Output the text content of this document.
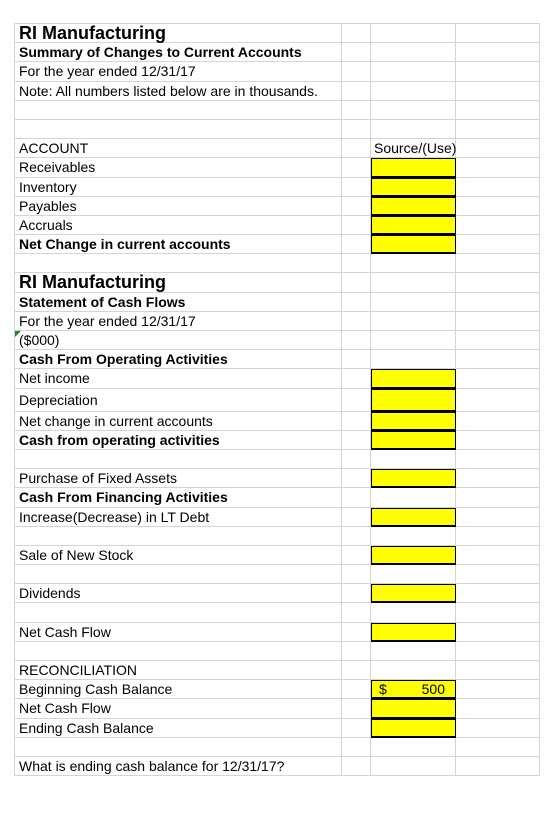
RI Manufacturing
Summary of Changes to Current Accounts
For the year ended 12/31/17
Note: All numbers listed below are in thousands.
ACCOUNT	Source/(Use)
Receivables
Inventory
Payables
Accruals
Net Change in current accounts
RI Manufacturing
Statement of Cash Flows
For the year ended 12/31/17
($000)
Cash From Operating Activities
Net income
Depreciation
Net change in current accounts
Cash from operating activities
Purchase of Fixed Assets
Cash From Financing Activities
Increase(Decrease) in LT Debt
Sale of New Stock
Dividends
Net Cash Flow
RECONCILIATION
Beginning Cash Balance	$ 500
Net Cash Flow
Ending Cash Balance
What is ending cash balance for 12/31/17?
